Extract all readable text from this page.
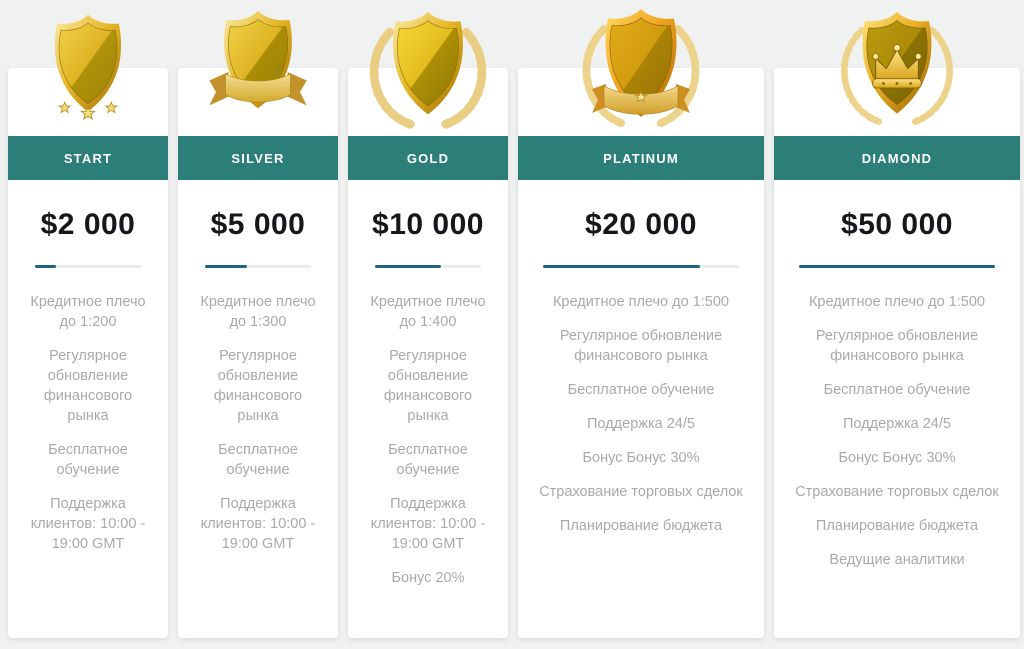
START
$2 000
Кредитное плечо до 1:200
Регулярное обновление финансового рынка
Бесплатное обучение
Поддержка клиентов: 10:00 - 19:00 GMT
SILVER
$5 000
Кредитное плечо до 1:300
Регулярное обновление финансового рынка
Бесплатное обучение
Поддержка клиентов: 10:00 - 19:00 GMT
GOLD
$10 000
Кредитное плечо до 1:400
Регулярное обновление финансового рынка
Бесплатное обучение
Поддержка клиентов: 10:00 - 19:00 GMT
Бонус 20%
PLATINUM
$20 000
Кредитное плечо до 1:500
Регулярное обновление финансового рынка
Бесплатное обучение
Поддержка 24/5
Бонус Бонус 30%
Страхование торговых сделок
Планирование бюджета
DIAMOND
$50 000
Кредитное плечо до 1:500
Регулярное обновление финансового рынка
Бесплатное обучение
Поддержка 24/5
Бонус Бонус 30%
Страхование торговых сделок
Планирование бюджета
Ведущие аналитики
